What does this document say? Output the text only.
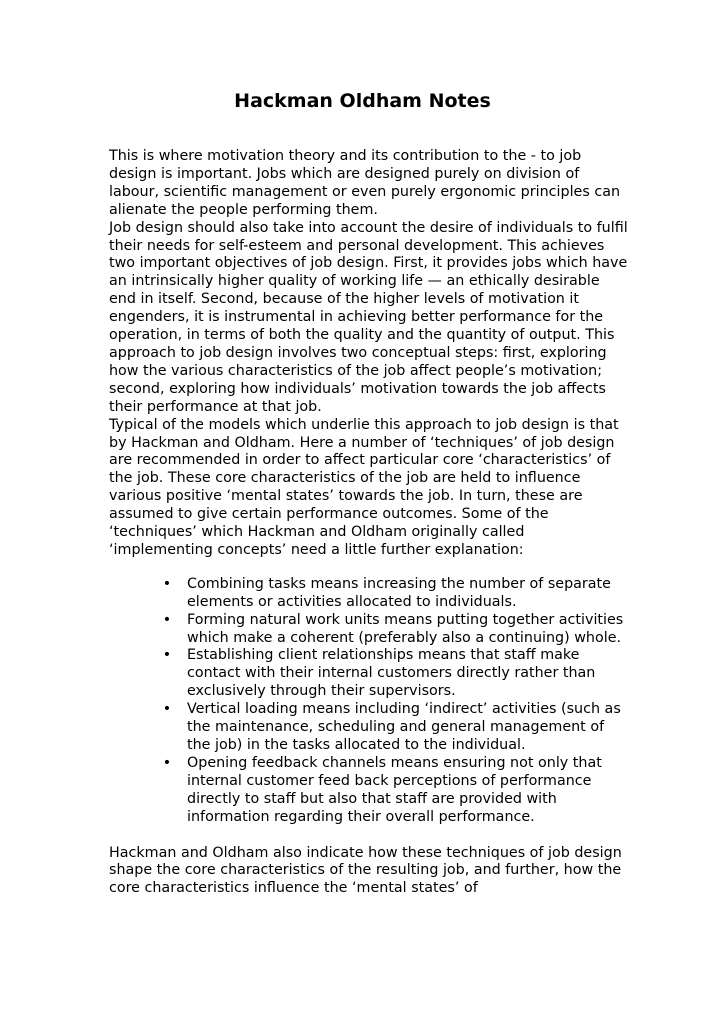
Hackman Oldham Notes

This is where motivation theory and its contribution to the - to job design is important. Jobs which are designed purely on division of labour, scientific management or even purely ergonomic principles can alienate the people performing them.

Job design should also take into account the desire of individuals to fulfil their needs for self-esteem and personal development. This achieves two important objectives of job design. First, it provides jobs which have an intrinsically higher quality of working life — an ethically desirable end in itself. Second, because of the higher levels of motivation it engenders, it is instrumental in achieving better performance for the operation, in terms of both the quality and the quantity of output. This approach to job design involves two conceptual steps: first, exploring how the various characteristics of the job affect people’s motivation; second, exploring how individuals’ motivation towards the job affects their performance at that job.

Typical of the models which underlie this approach to job design is that by Hackman and Oldham. Here a number of ‘techniques’ of job design are recommended in order to affect particular core ‘characteristics’ of the job. These core characteristics of the job are held to influence various positive ‘mental states’ towards the job. In turn, these are assumed to give certain performance outcomes. Some of the ‘techniques’ which Hackman and Oldham originally called ‘implementing concepts’ need a little further explanation:

• Combining tasks means increasing the number of separate elements or activities allocated to individuals.
• Forming natural work units means putting together activities which make a coherent (preferably also a continuing) whole.
• Establishing client relationships means that staff make contact with their internal customers directly rather than exclusively through their supervisors.
• Vertical loading means including ‘indirect’ activities (such as the maintenance, scheduling and general management of the job) in the tasks allocated to the individual.
• Opening feedback channels means ensuring not only that internal customer feed back perceptions of performance directly to staff but also that staff are provided with information regarding their overall performance.

Hackman and Oldham also indicate how these techniques of job design shape the core characteristics of the resulting job, and further, how the core characteristics influence the ‘mental states’ of
